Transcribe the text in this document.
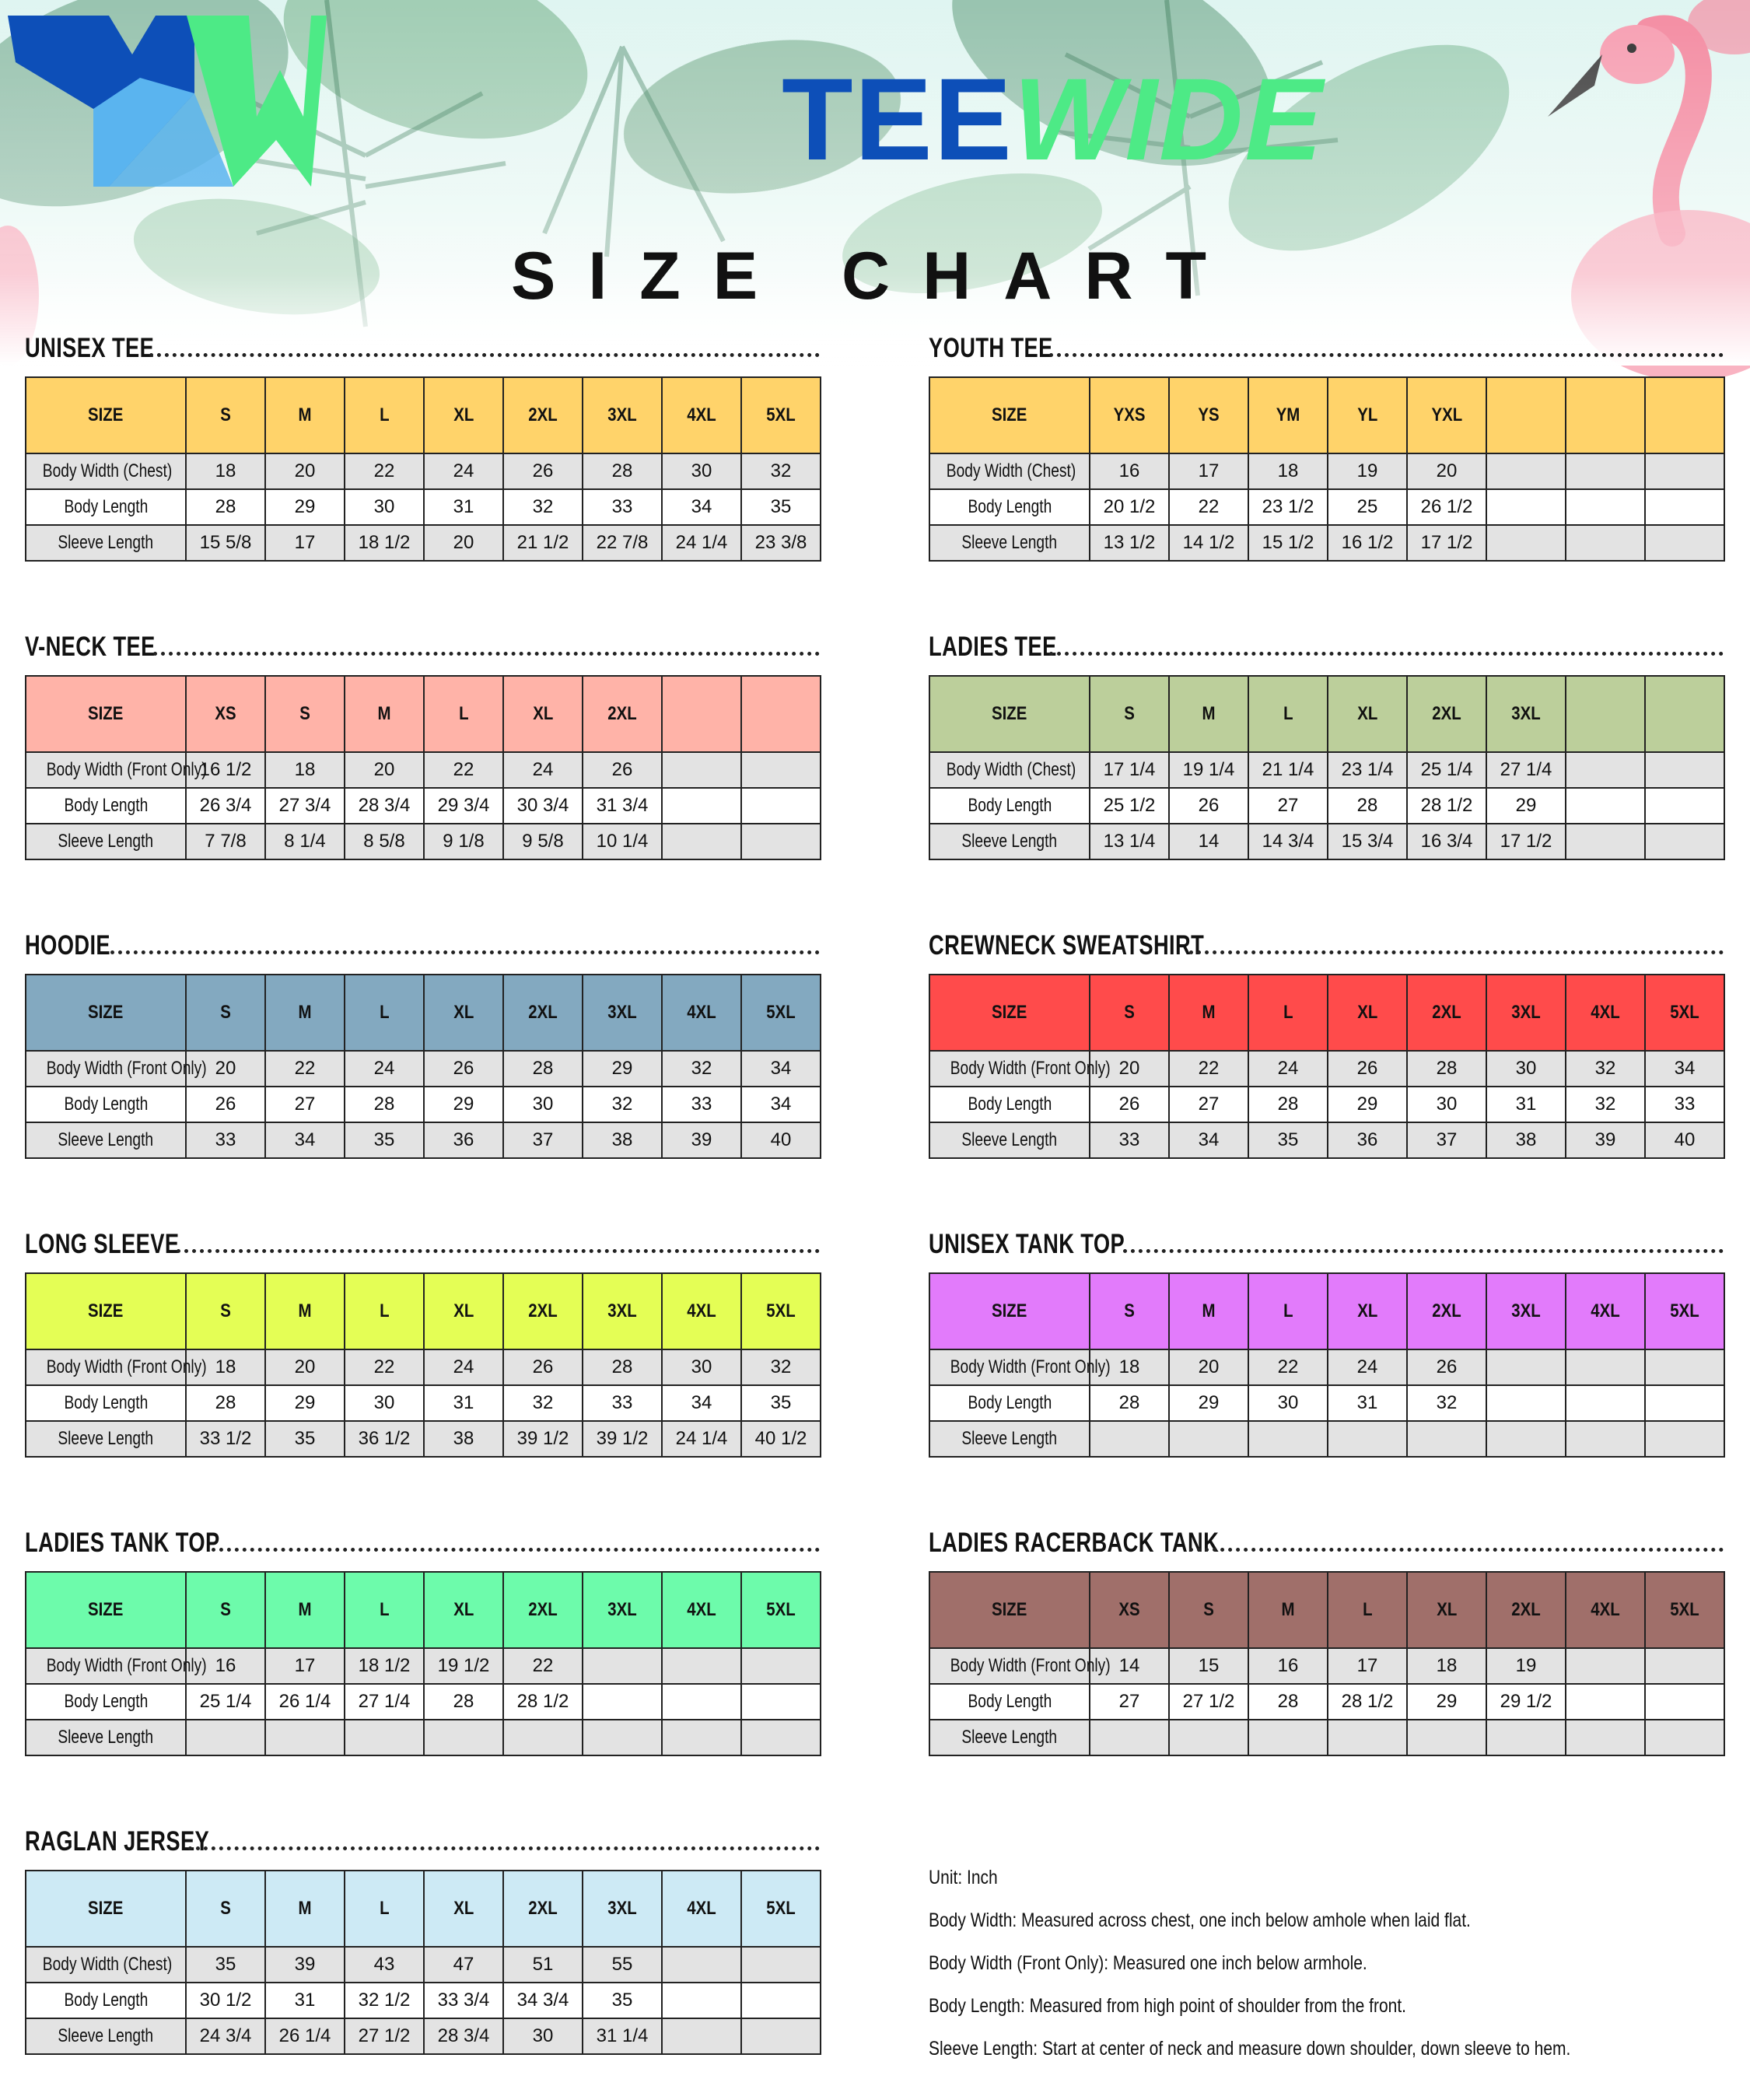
TEEWIDE
SIZE CHART
UNISEX TEE
SIZE	S	M	L	XL	2XL	3XL	4XL	5XL
Body Width (Chest)	18	20	22	24	26	28	30	32
Body Length	28	29	30	31	32	33	34	35
Sleeve Length	15 5/8	17	18 1/2	20	21 1/2	22 7/8	24 1/4	23 3/8
YOUTH TEE
SIZE	YXS	YS	YM	YL	YXL			
Body Width (Chest)	16	17	18	19	20			
Body Length	20 1/2	22	23 1/2	25	26 1/2			
Sleeve Length	13 1/2	14 1/2	15 1/2	16 1/2	17 1/2			
V-NECK TEE
SIZE	XS	S	M	L	XL	2XL		
Body Width (Front Only)	16 1/2	18	20	22	24	26		
Body Length	26 3/4	27 3/4	28 3/4	29 3/4	30 3/4	31 3/4		
Sleeve Length	7 7/8	8 1/4	8 5/8	9 1/8	9 5/8	10 1/4		
LADIES TEE
SIZE	S	M	L	XL	2XL	3XL		
Body Width (Chest)	17 1/4	19 1/4	21 1/4	23 1/4	25 1/4	27 1/4		
Body Length	25 1/2	26	27	28	28 1/2	29		
Sleeve Length	13 1/4	14	14 3/4	15 3/4	16 3/4	17 1/2		
HOODIE
SIZE	S	M	L	XL	2XL	3XL	4XL	5XL
Body Width (Front Only)	20	22	24	26	28	29	32	34
Body Length	26	27	28	29	30	32	33	34
Sleeve Length	33	34	35	36	37	38	39	40
CREWNECK SWEATSHIRT
SIZE	S	M	L	XL	2XL	3XL	4XL	5XL
Body Width (Front Only)	20	22	24	26	28	30	32	34
Body Length	26	27	28	29	30	31	32	33
Sleeve Length	33	34	35	36	37	38	39	40
LONG SLEEVE
SIZE	S	M	L	XL	2XL	3XL	4XL	5XL
Body Width (Front Only)	18	20	22	24	26	28	30	32
Body Length	28	29	30	31	32	33	34	35
Sleeve Length	33 1/2	35	36 1/2	38	39 1/2	39 1/2	24 1/4	40 1/2
UNISEX TANK TOP
SIZE	S	M	L	XL	2XL	3XL	4XL	5XL
Body Width (Front Only)	18	20	22	24	26			
Body Length	28	29	30	31	32			
Sleeve Length								
LADIES TANK TOP
SIZE	S	M	L	XL	2XL	3XL	4XL	5XL
Body Width (Front Only)	16	17	18 1/2	19 1/2	22			
Body Length	25 1/4	26 1/4	27 1/4	28	28 1/2			
Sleeve Length								
LADIES RACERBACK TANK
SIZE	XS	S	M	L	XL	2XL	4XL	5XL
Body Width (Front Only)	14	15	16	17	18	19		
Body Length	27	27 1/2	28	28 1/2	29	29 1/2		
Sleeve Length								
RAGLAN JERSEY
SIZE	S	M	L	XL	2XL	3XL	4XL	5XL
Body Width (Chest)	35	39	43	47	51	55		
Body Length	30 1/2	31	32 1/2	33 3/4	34 3/4	35		
Sleeve Length	24 3/4	26 1/4	27 1/2	28 3/4	30	31 1/4		
Unit: Inch
Body Width: Measured across chest, one inch below amhole when laid flat.
Body Width (Front Only): Measured one inch below armhole.
Body Length: Measured from high point of shoulder from the front.
Sleeve Length: Start at center of neck and measure down shoulder, down sleeve to hem.
